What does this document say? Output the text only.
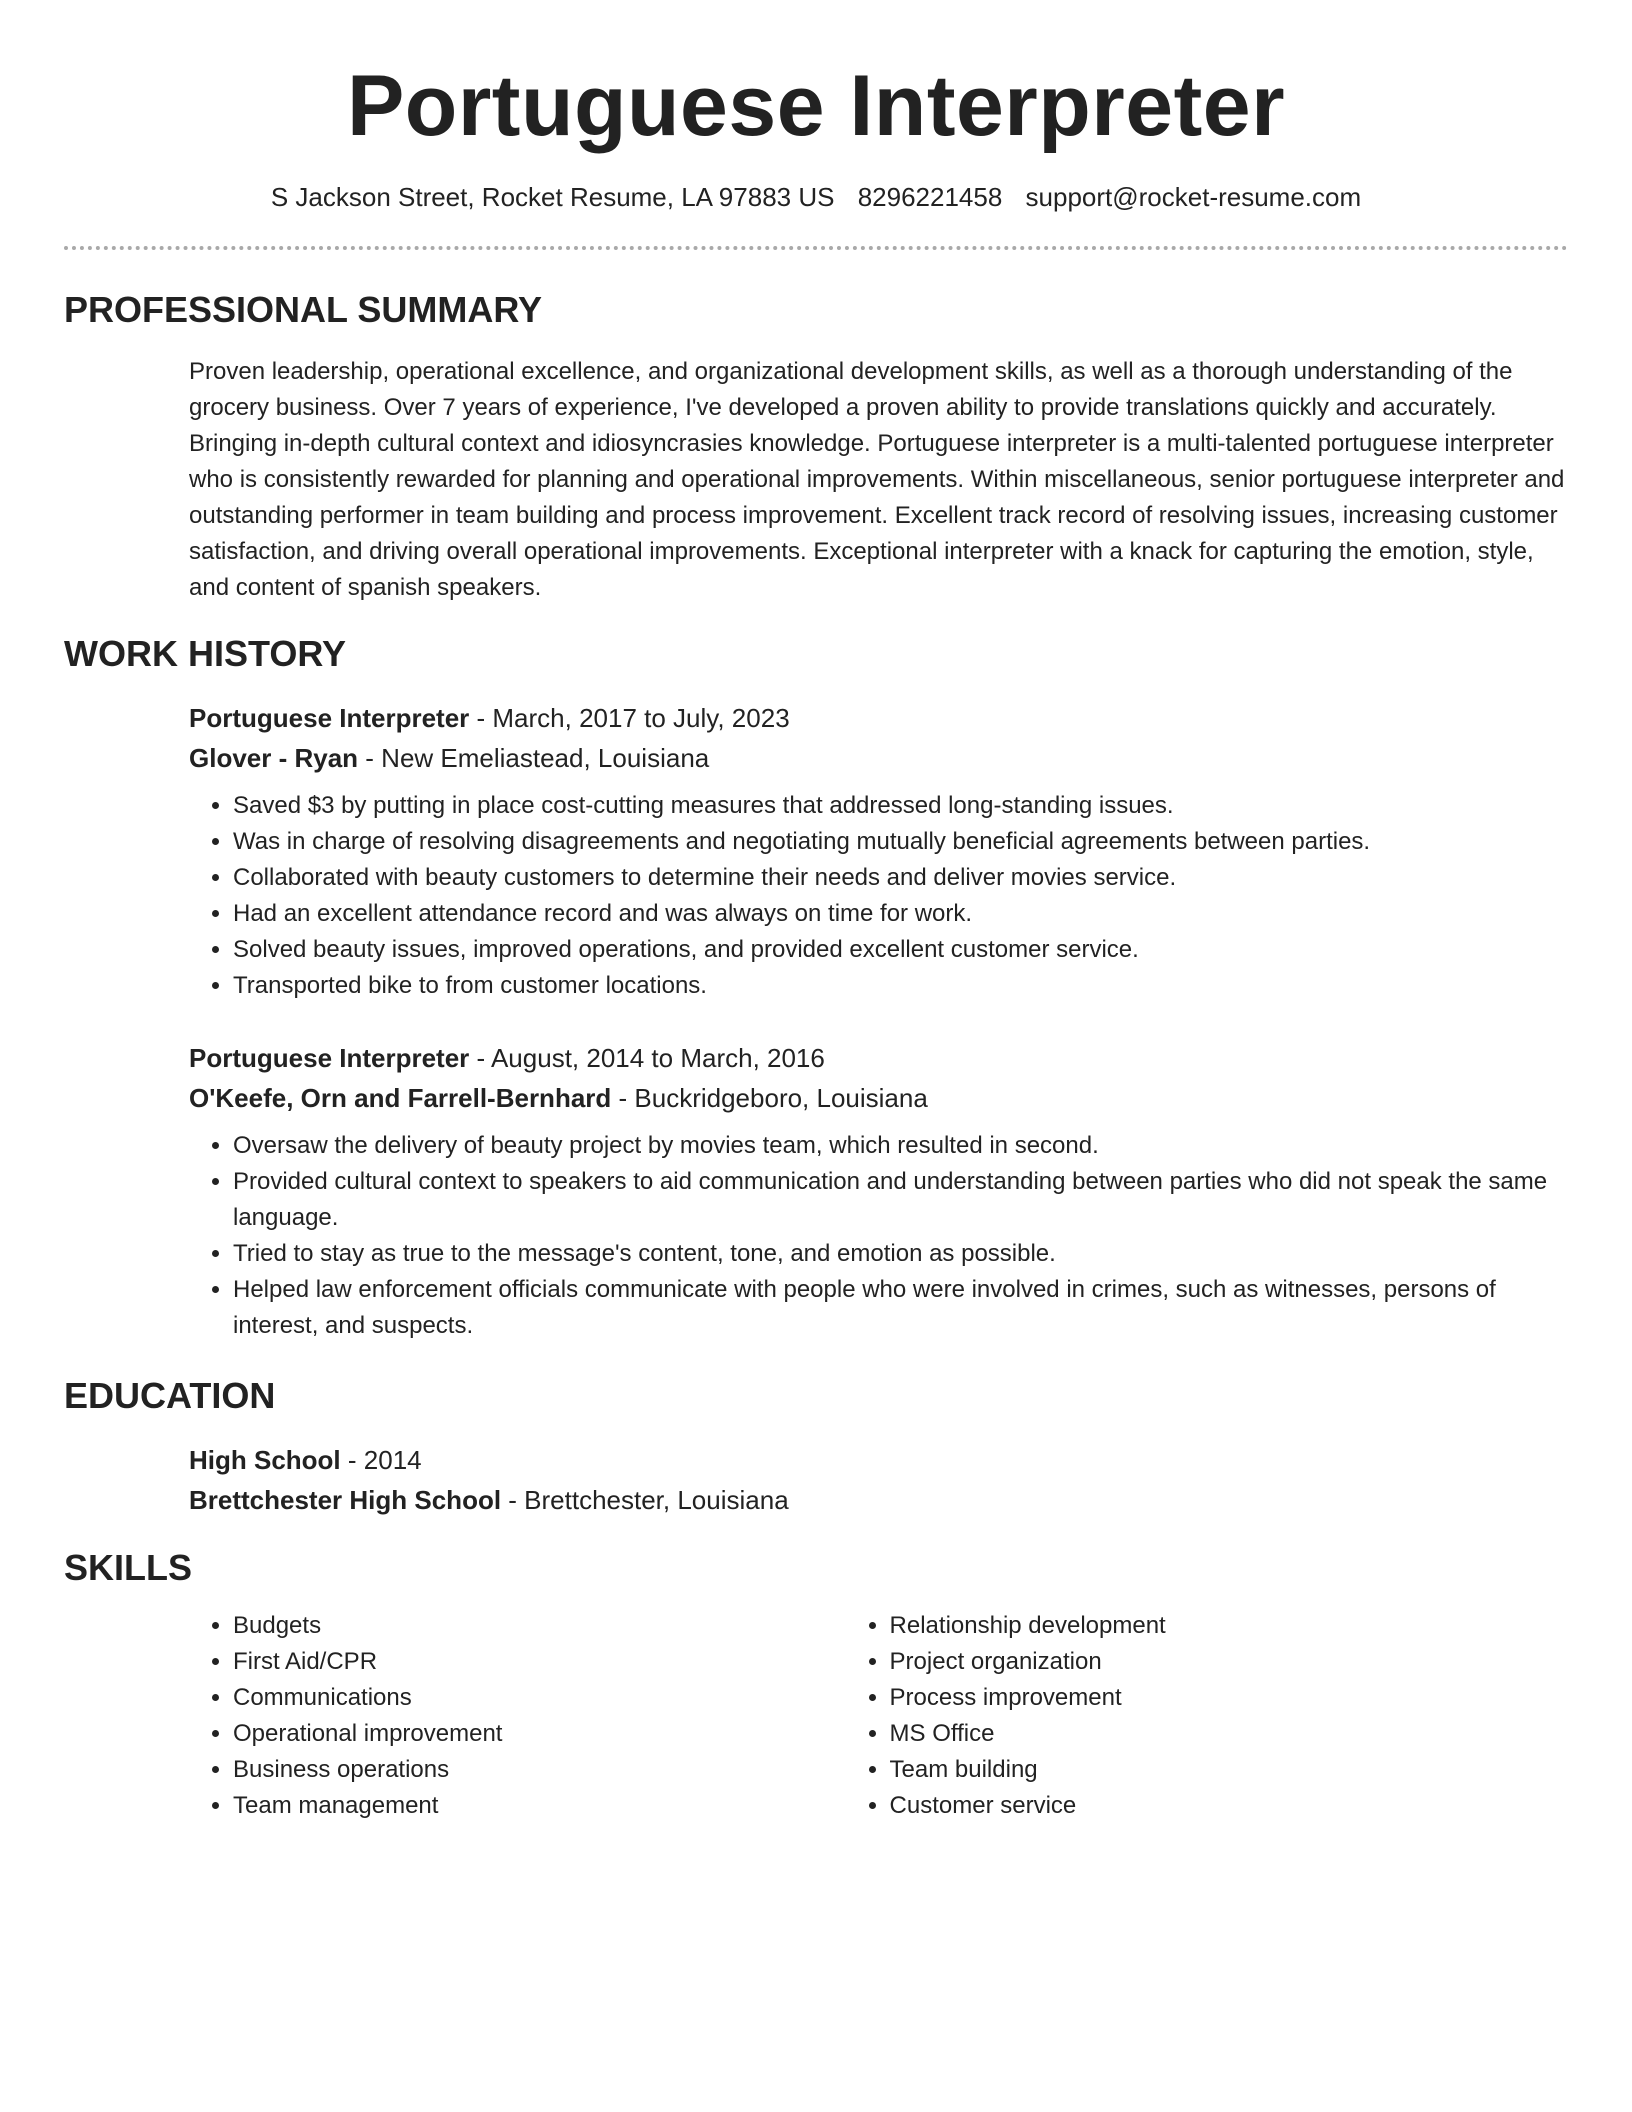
Portuguese Interpreter
S Jackson Street, Rocket Resume, LA 97883 US 8296221458 support@rocket-resume.com
PROFESSIONAL SUMMARY
Proven leadership, operational excellence, and organizational development skills, as well as a thorough understanding of the grocery business. Over 7 years of experience, I've developed a proven ability to provide translations quickly and accurately. Bringing in-depth cultural context and idiosyncrasies knowledge. Portuguese interpreter is a multi-talented portuguese interpreter who is consistently rewarded for planning and operational improvements. Within miscellaneous, senior portuguese interpreter and outstanding performer in team building and process improvement. Excellent track record of resolving issues, increasing customer satisfaction, and driving overall operational improvements. Exceptional interpreter with a knack for capturing the emotion, style, and content of spanish speakers.
WORK HISTORY
Portuguese Interpreter - March, 2017 to July, 2023
Glover - Ryan - New Emeliastead, Louisiana
• Saved $3 by putting in place cost-cutting measures that addressed long-standing issues.
• Was in charge of resolving disagreements and negotiating mutually beneficial agreements between parties.
• Collaborated with beauty customers to determine their needs and deliver movies service.
• Had an excellent attendance record and was always on time for work.
• Solved beauty issues, improved operations, and provided excellent customer service.
• Transported bike to from customer locations.
Portuguese Interpreter - August, 2014 to March, 2016
O'Keefe, Orn and Farrell-Bernhard - Buckridgeboro, Louisiana
• Oversaw the delivery of beauty project by movies team, which resulted in second.
• Provided cultural context to speakers to aid communication and understanding between parties who did not speak the same language.
• Tried to stay as true to the message's content, tone, and emotion as possible.
• Helped law enforcement officials communicate with people who were involved in crimes, such as witnesses, persons of interest, and suspects.
EDUCATION
High School - 2014
Brettchester High School - Brettchester, Louisiana
SKILLS
• Budgets
• First Aid/CPR
• Communications
• Operational improvement
• Business operations
• Team management
• Relationship development
• Project organization
• Process improvement
• MS Office
• Team building
• Customer service
